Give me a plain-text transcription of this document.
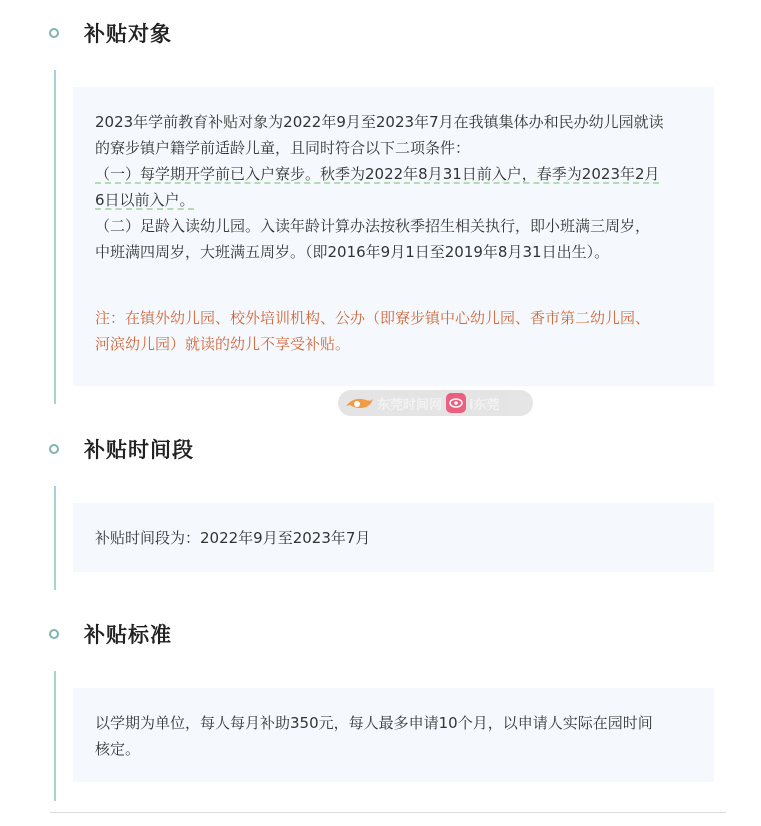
补贴对象

2023年学前教育补贴对象为2022年9月至2023年7月在我镇集体办和民办幼儿园就读

的寮步镇户籍学前适龄儿童，且同时符合以下二项条件：

（一）每学期开学前已入户寮步。秋季为2022年8月31日前入户，春季为2023年2月

6日以前入户。

（二）足龄入读幼儿园。入读年龄计算办法按秋季招生相关执行，即小班满三周岁，

中班满四周岁，大班满五周岁。（即2016年9月1日至2019年8月31日出生）。

注：在镇外幼儿园、校外培训机构、公办（即寮步镇中心幼儿园、香市第二幼儿园、

河滨幼儿园）就读的幼儿不享受补贴。

东莞时间网 i东莞
补贴时间段

补贴时间段为：2022年9月至2023年7月

补贴标准

以学期为单位，每人每月补助350元，每人最多申请10个月，以申请人实际在园时间

核定。
